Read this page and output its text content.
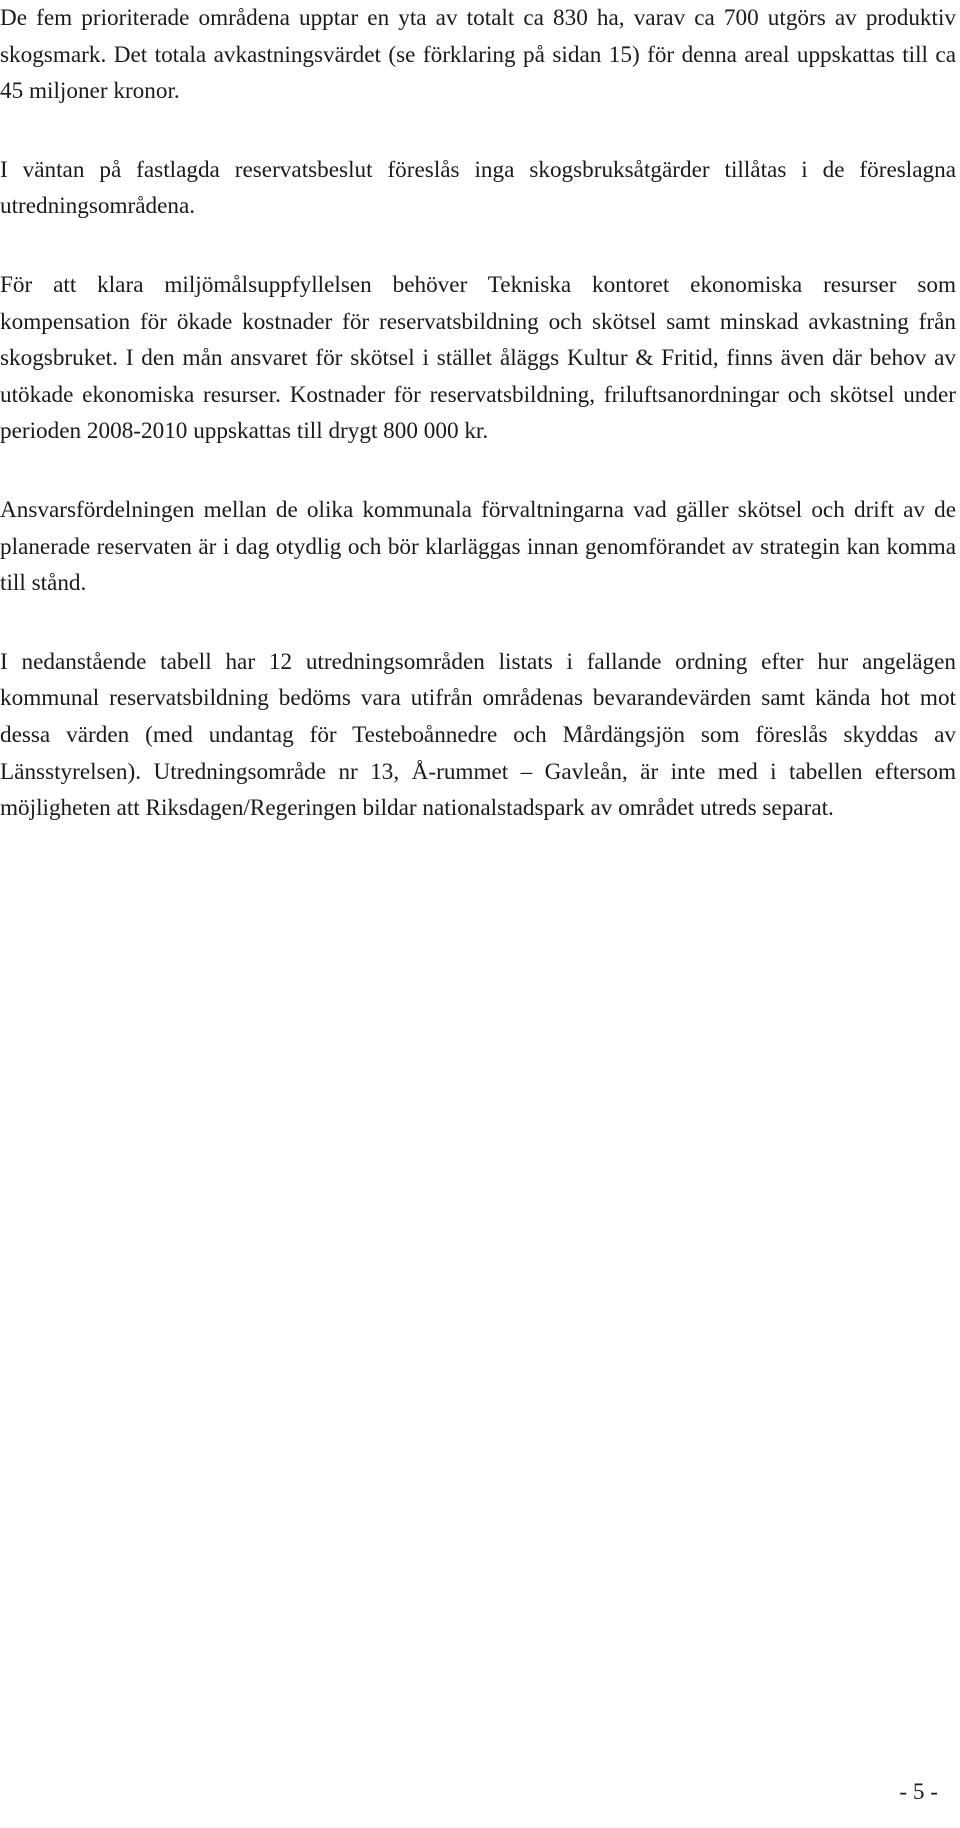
De fem prioriterade områdena upptar en yta av totalt ca 830 ha, varav ca 700 utgörs av produktiv skogsmark. Det totala avkastningsvärdet (se förklaring på sidan 15) för denna areal uppskattas till ca 45 miljoner kronor.

I väntan på fastlagda reservatsbeslut föreslås inga skogsbruksåtgärder tillåtas i de föreslagna utredningsområdena.

För att klara miljömålsuppfyllelsen behöver Tekniska kontoret ekonomiska resurser som kompensation för ökade kostnader för reservatsbildning och skötsel samt minskad avkastning från skogsbruket. I den mån ansvaret för skötsel i stället åläggs Kultur & Fritid, finns även där behov av utökade ekonomiska resurser. Kostnader för reservatsbildning, friluftsanordningar och skötsel under perioden 2008-2010 uppskattas till drygt 800 000 kr.

Ansvarsfördelningen mellan de olika kommunala förvaltningarna vad gäller skötsel och drift av de planerade reservaten är i dag otydlig och bör klarläggas innan genomförandet av strategin kan komma till stånd.

I nedanstående tabell har 12 utredningsområden listats i fallande ordning efter hur angelägen kommunal reservatsbildning bedöms vara utifrån områdenas bevarandevärden samt kända hot mot dessa värden (med undantag för Testeboånnedre och Mårdängsjön som föreslås skyddas av Länsstyrelsen). Utredningsområde nr 13, Å-rummet – Gavleån, är inte med i tabellen eftersom möjligheten att Riksdagen/Regeringen bildar nationalstadspark av området utreds separat.

- 5 -
